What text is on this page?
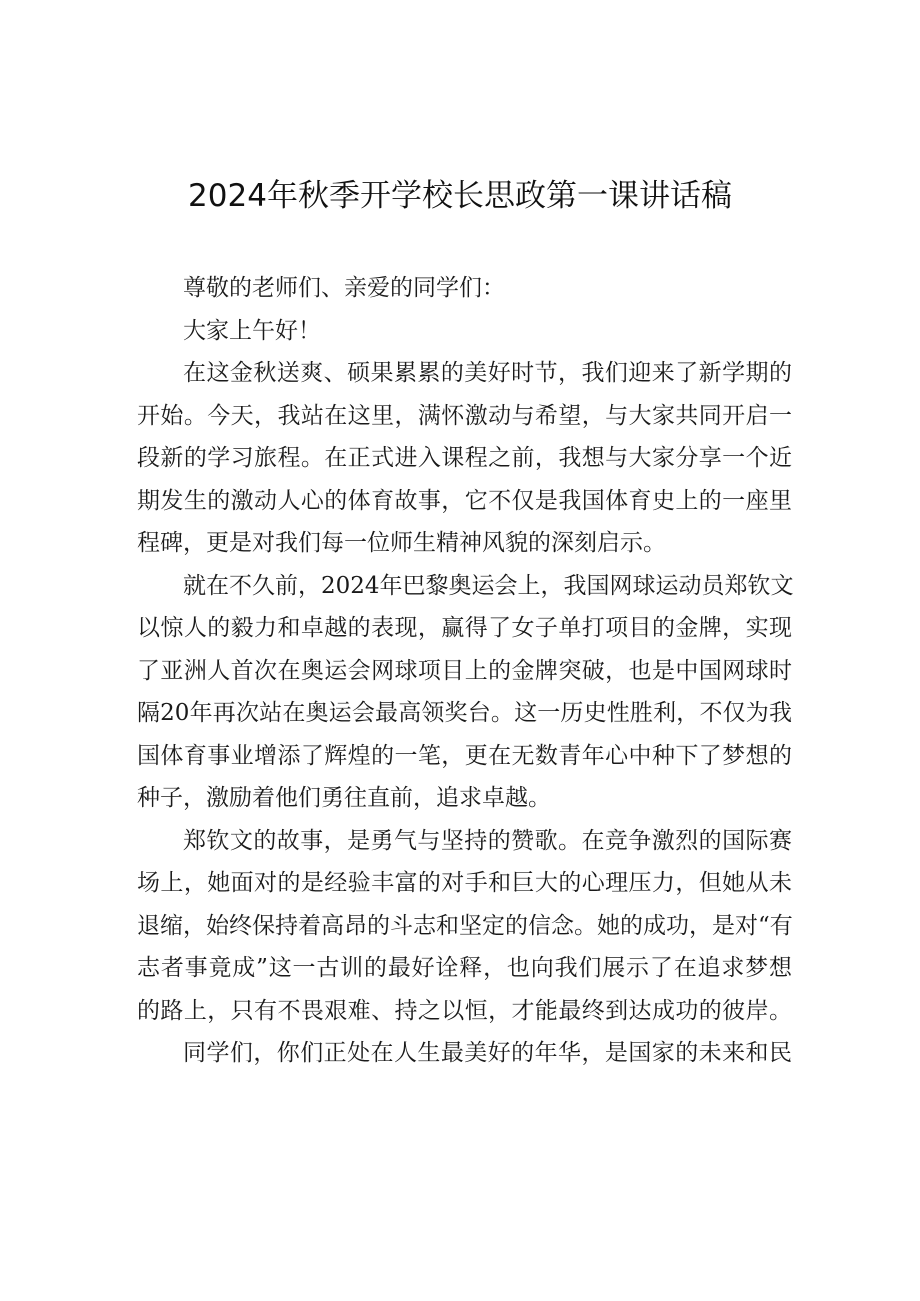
2024年秋季开学校长思政第一课讲话稿
尊敬的老师们、亲爱的同学们：
大家上午好！
在这金秋送爽、硕果累累的美好时节，我们迎来了新学期的
开始。今天，我站在这里，满怀激动与希望，与大家共同开启一
段新的学习旅程。在正式进入课程之前，我想与大家分享一个近
期发生的激动人心的体育故事，它不仅是我国体育史上的一座里
程碑，更是对我们每一位师生精神风貌的深刻启示。
就在不久前，2024年巴黎奥运会上，我国网球运动员郑钦文
以惊人的毅力和卓越的表现，赢得了女子单打项目的金牌，实现
了亚洲人首次在奥运会网球项目上的金牌突破，也是中国网球时
隔20年再次站在奥运会最高领奖台。这一历史性胜利，不仅为我
国体育事业增添了辉煌的一笔，更在无数青年心中种下了梦想的
种子，激励着他们勇往直前，追求卓越。
郑钦文的故事，是勇气与坚持的赞歌。在竞争激烈的国际赛
场上，她面对的是经验丰富的对手和巨大的心理压力，但她从未
退缩，始终保持着高昂的斗志和坚定的信念。她的成功，是对“有
志者事竟成”这一古训的最好诠释，也向我们展示了在追求梦想
的路上，只有不畏艰难、持之以恒，才能最终到达成功的彼岸。
同学们，你们正处在人生最美好的年华，是国家的未来和民
